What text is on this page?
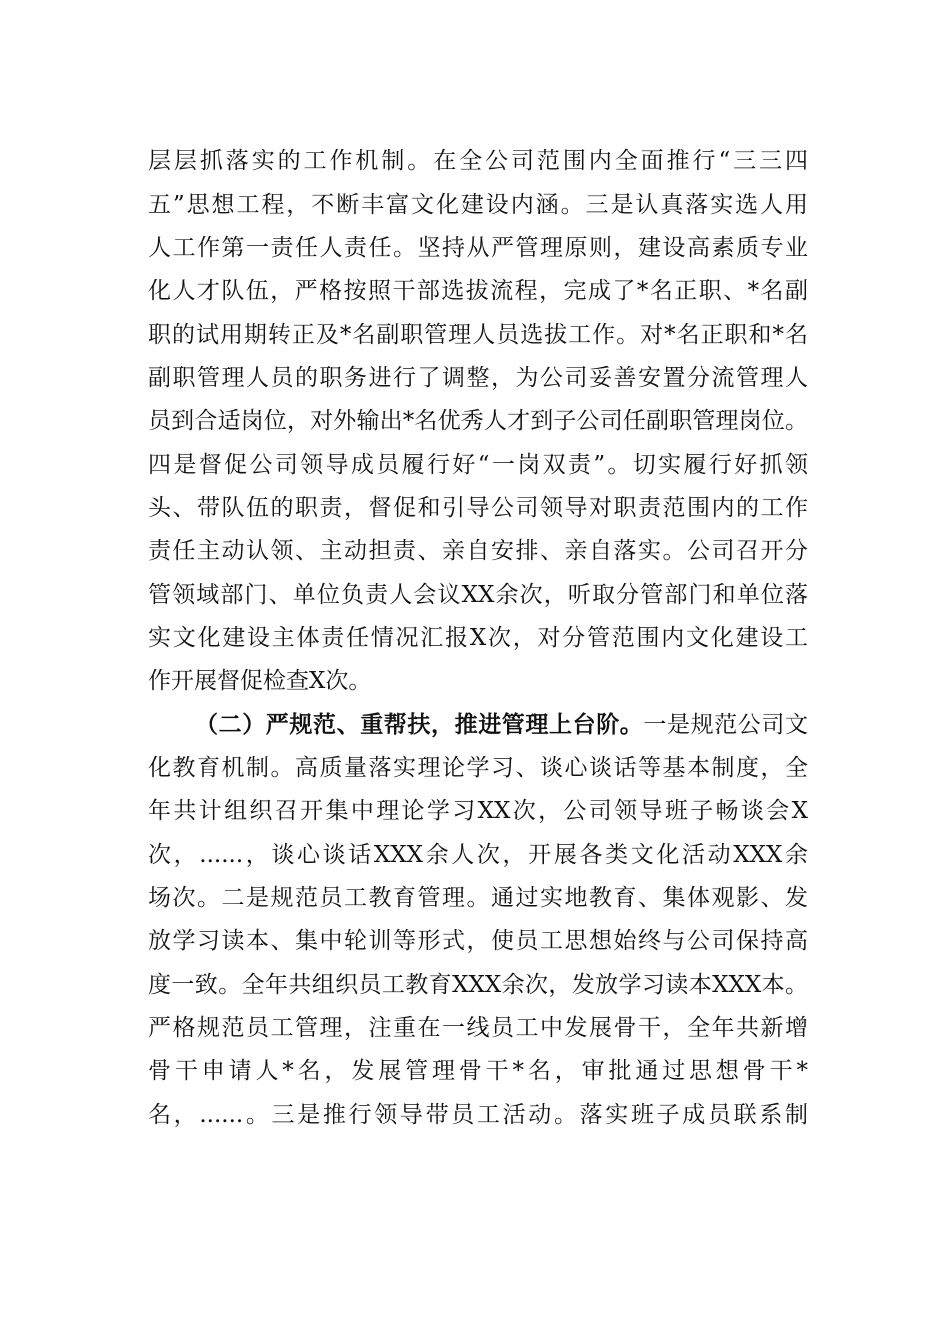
层层抓落实的工作机制。在全公司范围内全面推行“三三四
五”思想工程，不断丰富文化建设内涵。三是认真落实选人用
人工作第一责任人责任。坚持从严管理原则，建设高素质专业
化人才队伍，严格按照干部选拔流程，完成了*名正职、*名副
职的试用期转正及*名副职管理人员选拔工作。对*名正职和*名
副职管理人员的职务进行了调整，为公司妥善安置分流管理人
员到合适岗位，对外输出*名优秀人才到子公司任副职管理岗位。
四是督促公司领导成员履行好“一岗双责”。切实履行好抓领
头、带队伍的职责，督促和引导公司领导对职责范围内的工作
责任主动认领、主动担责、亲自安排、亲自落实。公司召开分
管领域部门、单位负责人会议XX余次，听取分管部门和单位落
实文化建设主体责任情况汇报X次，对分管范围内文化建设工
作开展督促检查X次。
（二）严规范、重帮扶，推进管理上台阶。一是规范公司文
化教育机制。高质量落实理论学习、谈心谈话等基本制度，全
年共计组织召开集中理论学习XX次，公司领导班子畅谈会X
次，......，谈心谈话XXX余人次，开展各类文化活动XXX余
场次。二是规范员工教育管理。通过实地教育、集体观影、发
放学习读本、集中轮训等形式，使员工思想始终与公司保持高
度一致。全年共组织员工教育XXX余次，发放学习读本XXX本。
严格规范员工管理，注重在一线员工中发展骨干，全年共新增
骨干申请人*名，发展管理骨干*名，审批通过思想骨干*
名，......。三是推行领导带员工活动。落实班子成员联系制
